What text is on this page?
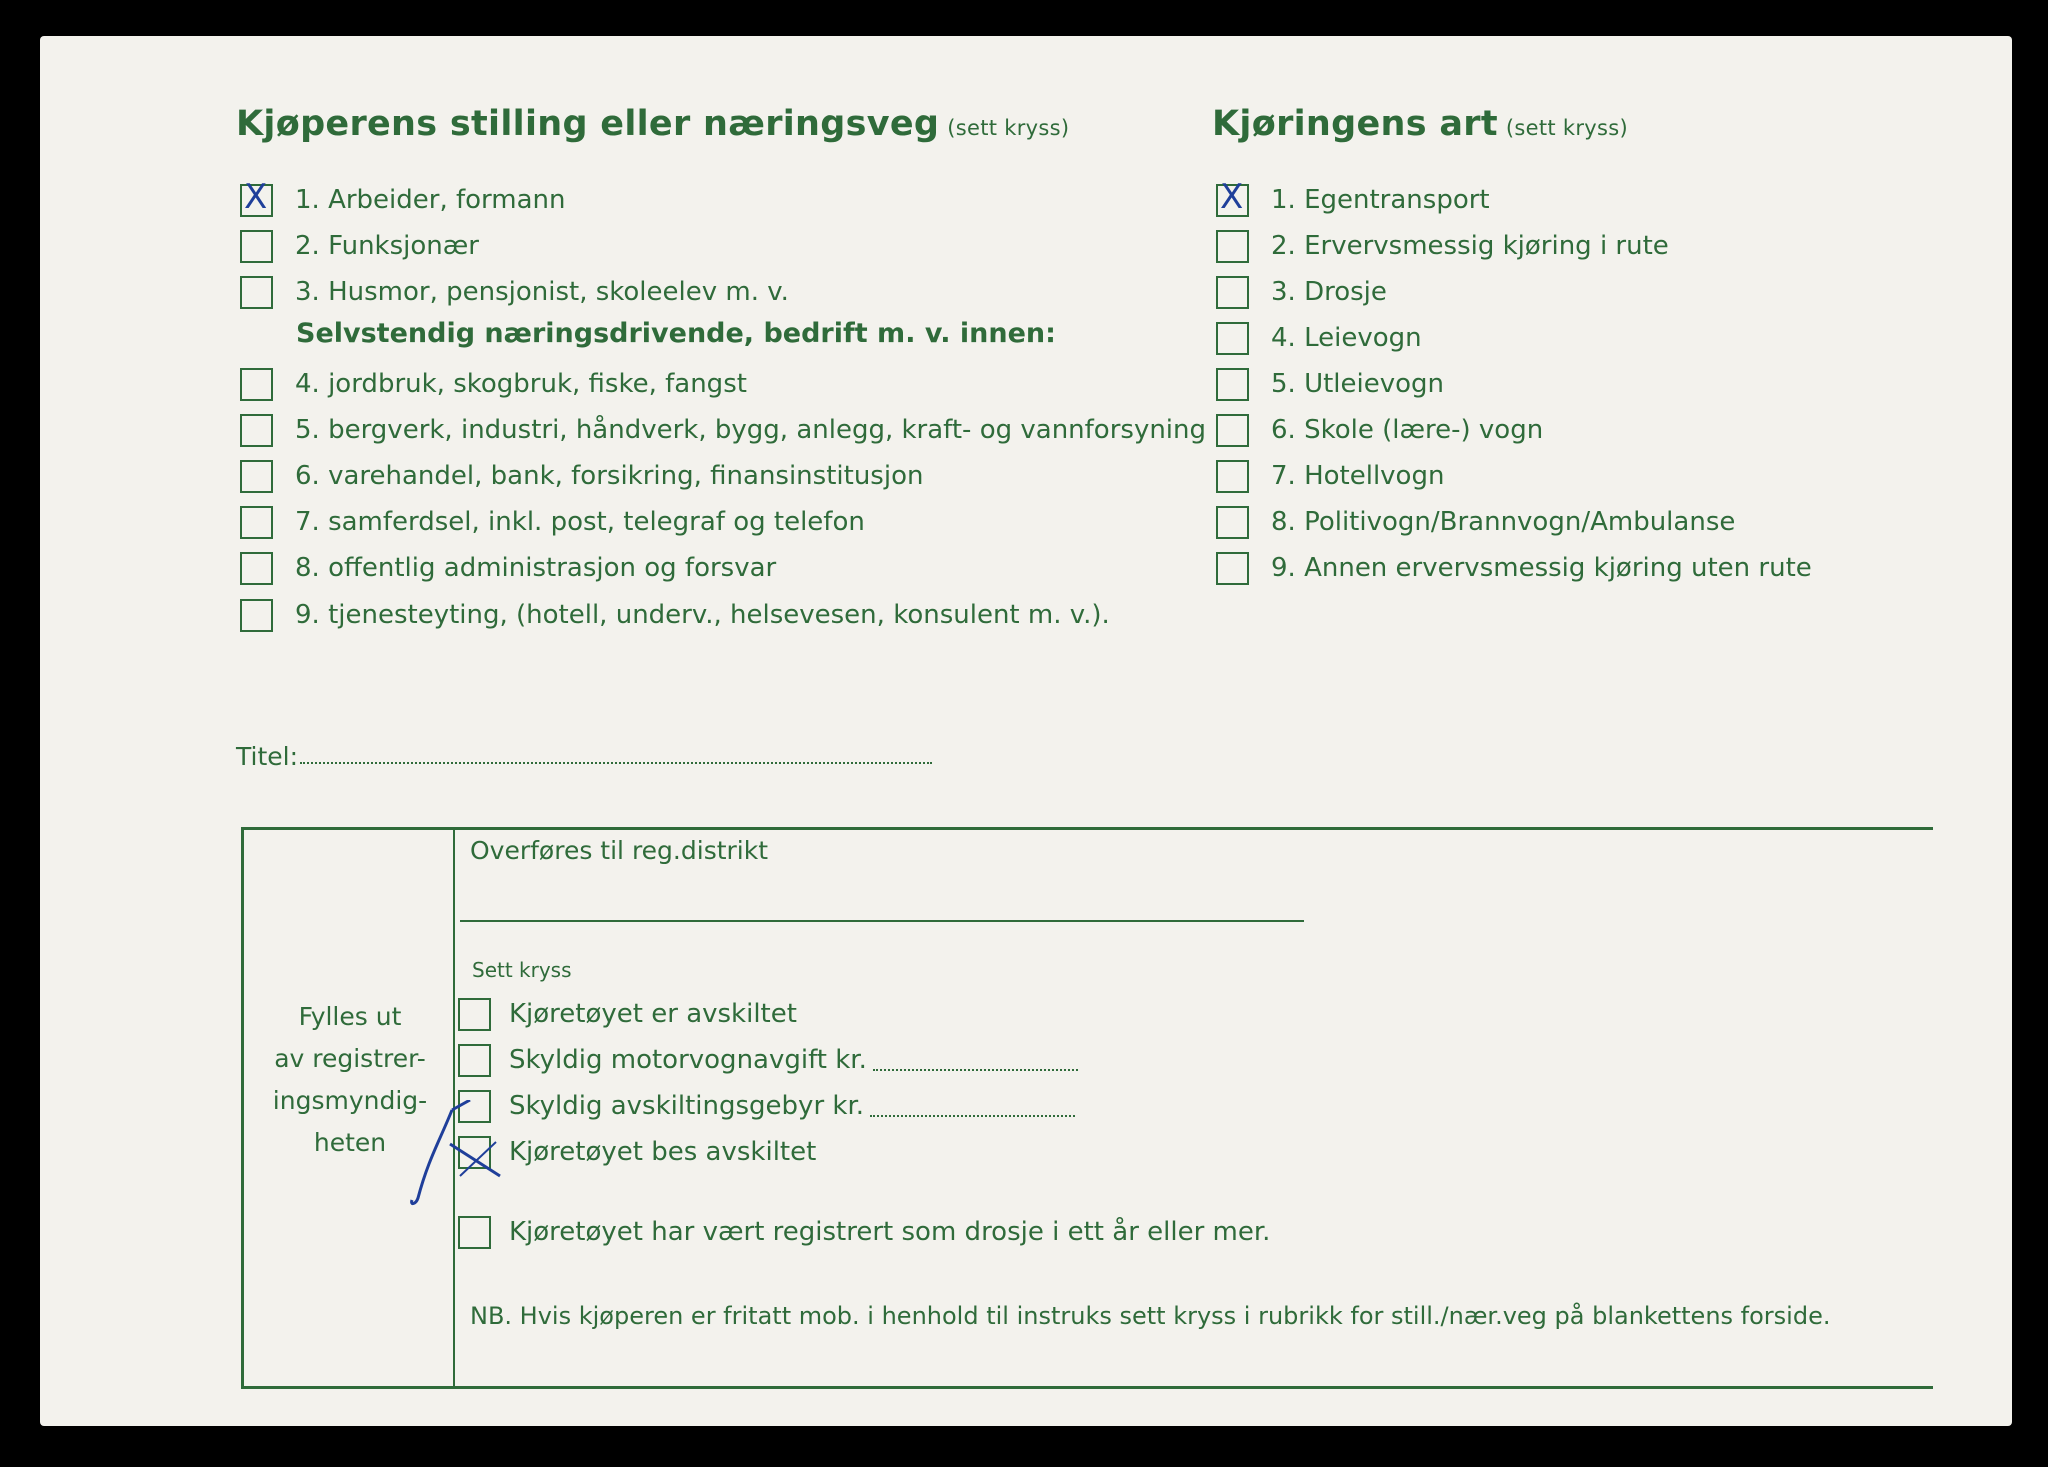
Kjøperens stilling eller næringsveg (sett kryss)
X 1. Arbeider, formann
2. Funksjonær
3. Husmor, pensjonist, skoleelev m. v.
Selvstendig næringsdrivende, bedrift m. v. innen:
4. jordbruk, skogbruk, fiske, fangst
5. bergverk, industri, håndverk, bygg, anlegg, kraft- og vannforsyning
6. varehandel, bank, forsikring, finansinstitusjon
7. samferdsel, inkl. post, telegraf og telefon
8. offentlig administrasjon og forsvar
9. tjenesteyting, (hotell, underv., helsevesen, konsulent m. v.).
Titel:
Kjøringens art (sett kryss)
X 1. Egentransport
2. Ervervsmessig kjøring i rute
3. Drosje
4. Leievogn
5. Utleievogn
6. Skole (lære-) vogn
7. Hotellvogn
8. Politivogn/Brannvogn/Ambulanse
9. Annen ervervsmessig kjøring uten rute
Fylles ut
av registrer-
ingsmyndig-
heten
Overføres til reg.distrikt
Sett kryss
Kjøretøyet er avskiltet
Skyldig motorvognavgift kr.
Skyldig avskiltingsgebyr kr.
Kjøretøyet bes avskiltet
Kjøretøyet har vært registrert som drosje i ett år eller mer.
NB. Hvis kjøperen er fritatt mob. i henhold til instruks sett kryss i rubrikk for still./nær.veg på blankettens forside.
